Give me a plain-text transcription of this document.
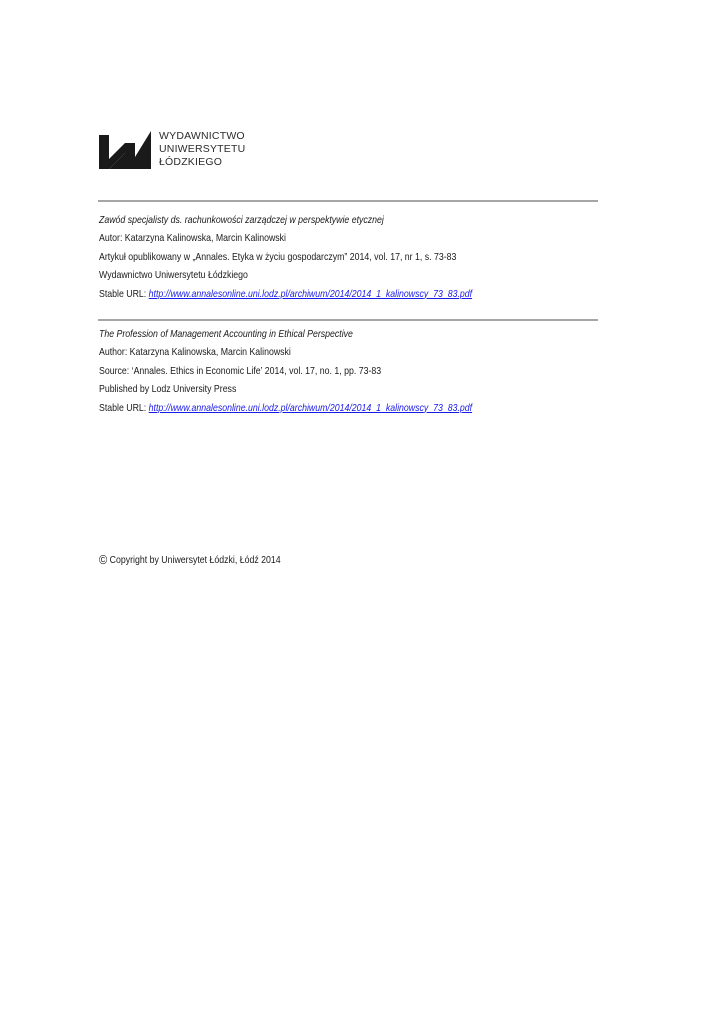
WYDAWNICTWO
UNIWERSYTETU
ŁÓDZKIEGO
Zawód specjalisty ds. rachunkowości zarządczej w perspektywie etycznej
Autor: Katarzyna Kalinowska, Marcin Kalinowski
Artykuł opublikowany w „Annales. Etyka w życiu gospodarczym” 2014, vol. 17, nr 1, s. 73-83
Wydawnictwo Uniwersytetu Łódzkiego
Stable URL: http://www.annalesonline.uni.lodz.pl/archiwum/2014/2014_1_kalinowscy_73_83.pdf
The Profession of Management Accounting in Ethical Perspective
Author: Katarzyna Kalinowska, Marcin Kalinowski
Source: ‘Annales. Ethics in Economic Life’ 2014, vol. 17, no. 1, pp. 73-83
Published by Lodz University Press
Stable URL: http://www.annalesonline.uni.lodz.pl/archiwum/2014/2014_1_kalinowscy_73_83.pdf
© Copyright by Uniwersytet Łódzki, Łódź 2014
